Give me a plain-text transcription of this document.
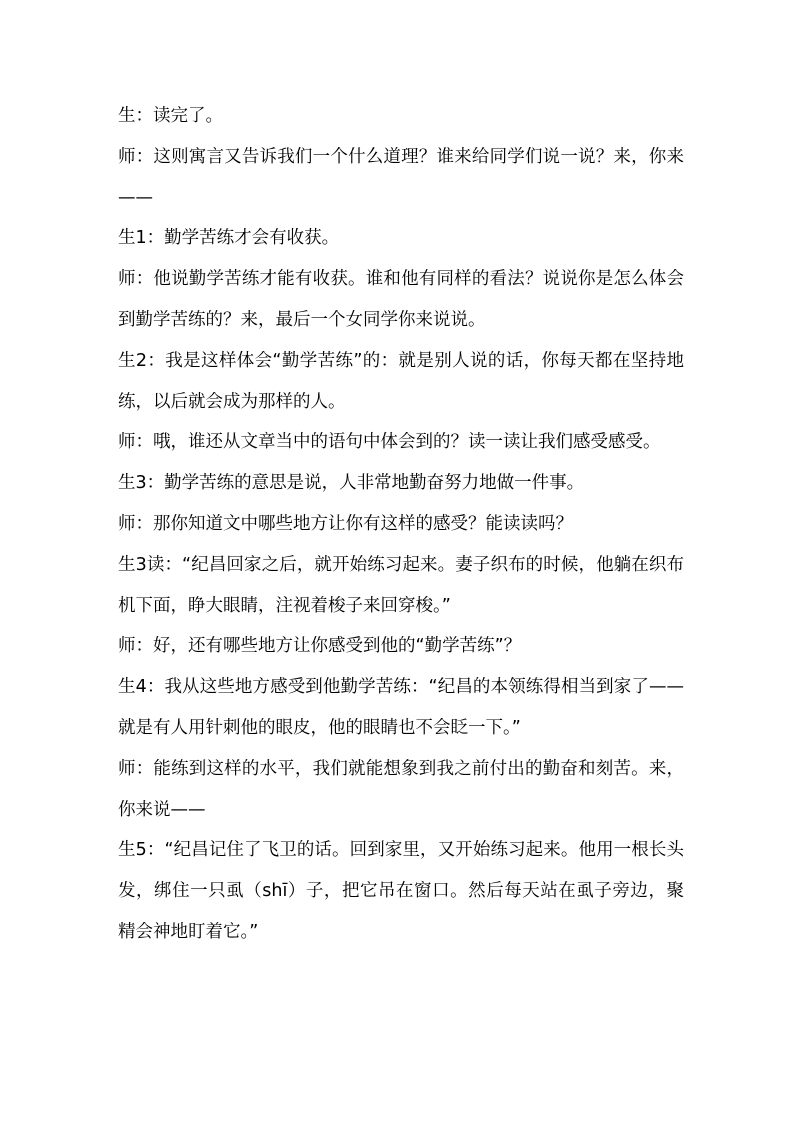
生：读完了。

师：这则寓言又告诉我们一个什么道理？谁来给同学们说一说？来，你来——

生1：勤学苦练才会有收获。

师：他说勤学苦练才能有收获。谁和他有同样的看法？说说你是怎么体会到勤学苦练的？来，最后一个女同学你来说说。

生2：我是这样体会“勤学苦练”的：就是别人说的话，你每天都在坚持地练，以后就会成为那样的人。

师：哦，谁还从文章当中的语句中体会到的？读一读让我们感受感受。

生3：勤学苦练的意思是说，人非常地勤奋努力地做一件事。

师：那你知道文中哪些地方让你有这样的感受？能读读吗？

生3读：“纪昌回家之后，就开始练习起来。妻子织布的时候，他躺在织布机下面，睁大眼睛，注视着梭子来回穿梭。”

师：好，还有哪些地方让你感受到他的“勤学苦练”？

生4：我从这些地方感受到他勤学苦练：“纪昌的本领练得相当到家了——就是有人用针刺他的眼皮，他的眼睛也不会眨一下。”

师：能练到这样的水平，我们就能想象到我之前付出的勤奋和刻苦。来，你来说——

生5：“纪昌记住了飞卫的话。回到家里，又开始练习起来。他用一根长头发，绑住一只虱（shī）子，把它吊在窗口。然后每天站在虱子旁边，聚精会神地盯着它。”
